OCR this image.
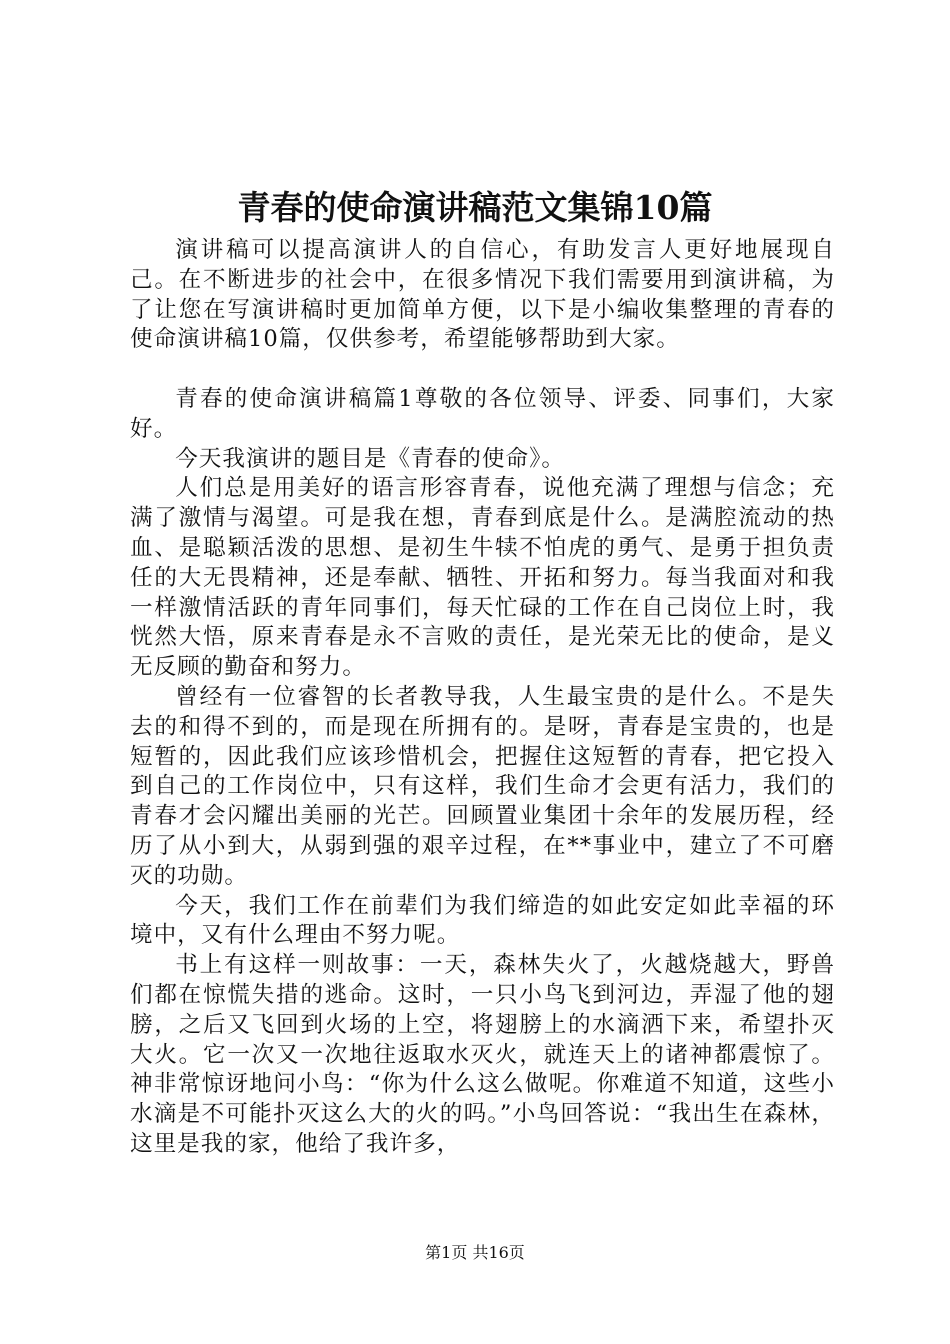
青春的使命演讲稿范文集锦10篇

演讲稿可以提高演讲人的自信心，有助发言人更好地展现自己。在不断进步的社会中，在很多情况下我们需要用到演讲稿，为了让您在写演讲稿时更加简单方便，以下是小编收集整理的青春的使命演讲稿10篇，仅供参考，希望能够帮助到大家。

青春的使命演讲稿篇1尊敬的各位领导、评委、同事们，大家好。

今天我演讲的题目是《青春的使命》。

人们总是用美好的语言形容青春，说他充满了理想与信念；充满了激情与渴望。可是我在想，青春到底是什么。是满腔流动的热血、是聪颖活泼的思想、是初生牛犊不怕虎的勇气、是勇于担负责任的大无畏精神，还是奉献、牺牲、开拓和努力。每当我面对和我一样激情活跃的青年同事们，每天忙碌的工作在自己岗位上时，我恍然大悟，原来青春是永不言败的责任，是光荣无比的使命，是义无反顾的勤奋和努力。

曾经有一位睿智的长者教导我，人生最宝贵的是什么。不是失去的和得不到的，而是现在所拥有的。是呀，青春是宝贵的，也是短暂的，因此我们应该珍惜机会，把握住这短暂的青春，把它投入到自己的工作岗位中，只有这样，我们生命才会更有活力，我们的青春才会闪耀出美丽的光芒。回顾置业集团十余年的发展历程，经历了从小到大，从弱到强的艰辛过程，在**事业中，建立了不可磨灭的功勋。

今天，我们工作在前辈们为我们缔造的如此安定如此幸福的环境中，又有什么理由不努力呢。

书上有这样一则故事：一天，森林失火了，火越烧越大，野兽们都在惊慌失措的逃命。这时，一只小鸟飞到河边，弄湿了他的翅膀，之后又飞回到火场的上空，将翅膀上的水滴洒下来，希望扑灭大火。它一次又一次地往返取水灭火，就连天上的诸神都震惊了。神非常惊讶地问小鸟：“你为什么这么做呢。你难道不知道，这些小水滴是不可能扑灭这么大的火的吗。”小鸟回答说：“我出生在森林，这里是我的家，他给了我许多，

第1页 共16页
